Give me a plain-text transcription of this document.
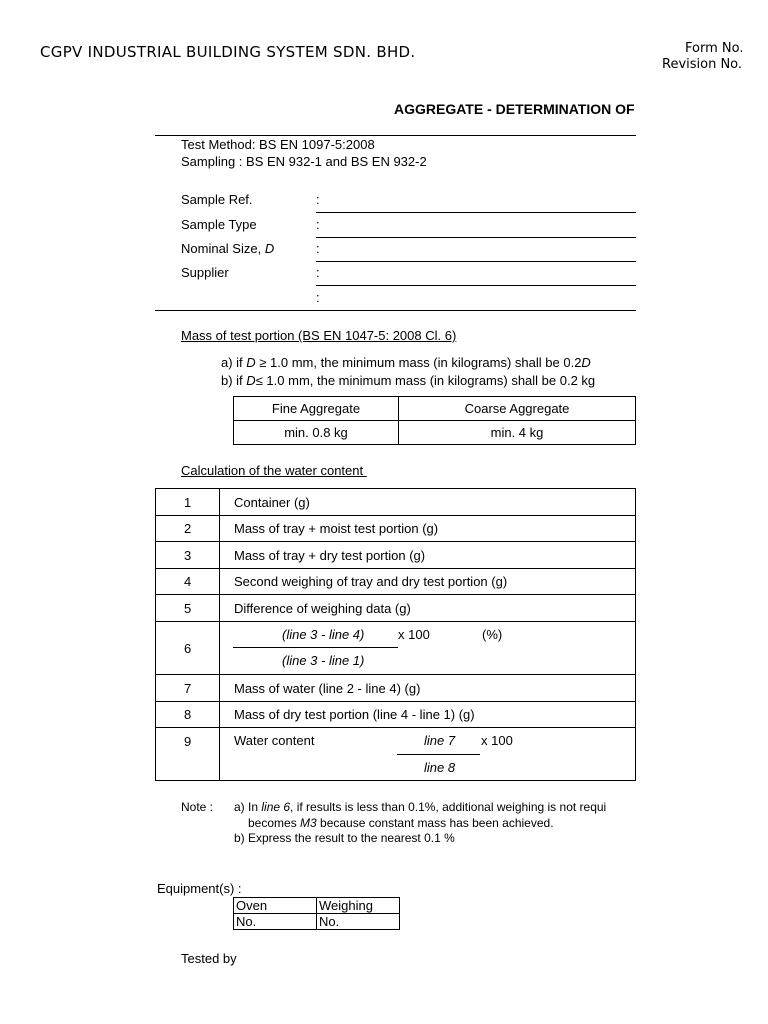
CGPV INDUSTRIAL BUILDING SYSTEM SDN. BHD.	Form No.
Revision No.
AGGREGATE - DETERMINATION OF
Test Method: BS EN 1097-5:2008
Sampling : BS EN 932-1 and BS EN 932-2
Sample Ref.	:
Sample Type	:
Nominal Size, D	:
Supplier	:
:
Mass of test portion (BS EN 1047-5: 2008 Cl. 6)
a) if D ≥ 1.0 mm, the minimum mass (in kilograms) shall be 0.2D
b) if D≤ 1.0 mm, the minimum mass (in kilograms) shall be 0.2 kg
Fine Aggregate	Coarse Aggregate
min. 0.8 kg	min. 4 kg
Calculation of the water content
1	Container (g)
2	Mass of tray + moist test portion (g)
3	Mass of tray + dry test portion (g)
4	Second weighing of tray and dry test portion (g)
5	Difference of weighing data (g)
6	(line 3 - line 4) x 100 (%)
(line 3 - line 1)

7	Mass of water (line 2 - line 4) (g)
8	Mass of dry test portion (line 4 - line 1) (g)
9	Water content line 7 x 100
line 8
Note : a) In line 6, if results is less than 0.1%, additional weighing is not requi
becomes M3 because constant mass has been achieved.
b) Express the result to the nearest 0.1 %
Equipment(s) :
Oven	Weighing
No.	No.
Tested by
